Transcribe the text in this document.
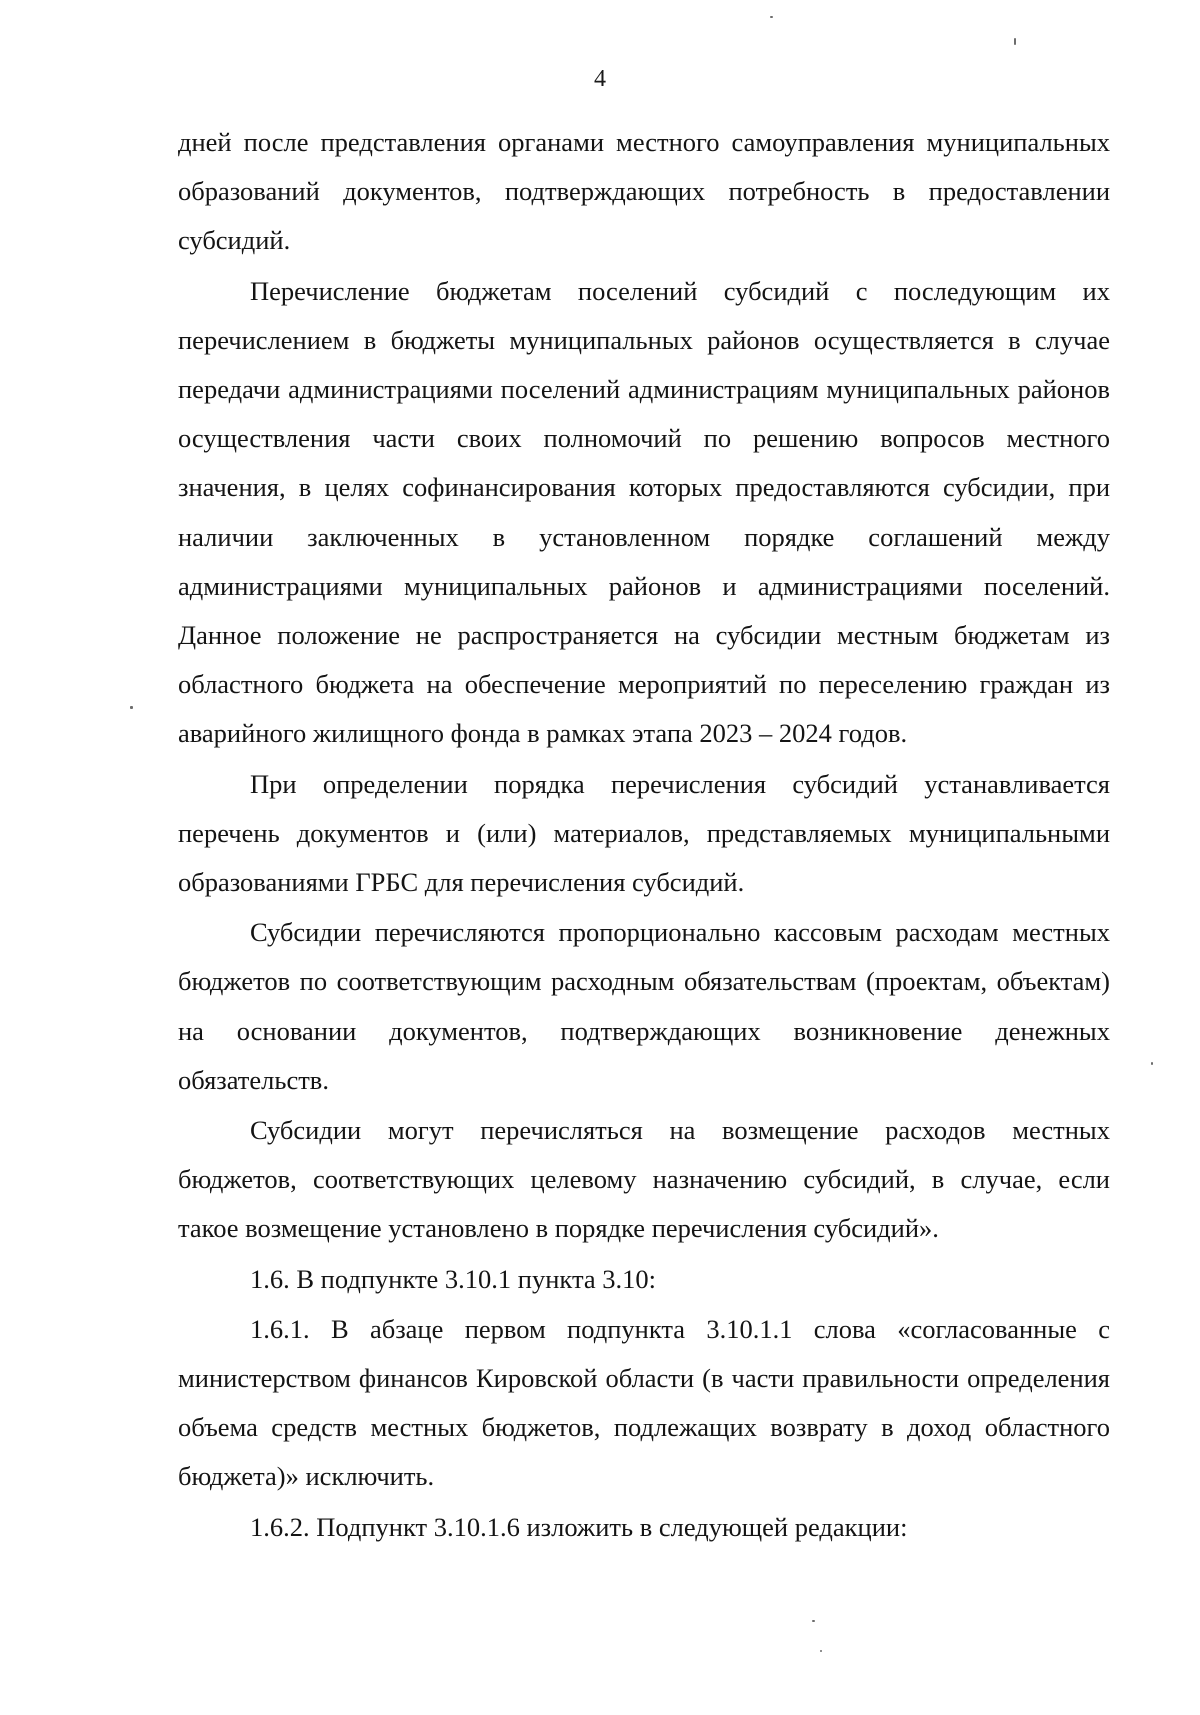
4

дней после представления органами местного самоуправления муниципальных образований документов, подтверждающих потребность в предоставлении субсидий.

Перечисление бюджетам поселений субсидий с последующим их перечислением в бюджеты муниципальных районов осуществляется в случае передачи администрациями поселений администрациям муниципальных районов осуществления части своих полномочий по решению вопросов местного значения, в целях софинансирования которых предоставляются субсидии, при наличии заключенных в установленном порядке соглашений между администрациями муниципальных районов и администрациями поселений. Данное положение не распространяется на субсидии местным бюджетам из областного бюджета на обеспечение мероприятий по переселению граждан из аварийного жилищного фонда в рамках этапа 2023 – 2024 годов.

При определении порядка перечисления субсидий устанавливается перечень документов и (или) материалов, представляемых муниципальными образованиями ГРБС для перечисления субсидий.

Субсидии перечисляются пропорционально кассовым расходам местных бюджетов по соответствующим расходным обязательствам (проектам, объектам) на основании документов, подтверждающих возникновение денежных обязательств.

Субсидии могут перечисляться на возмещение расходов местных бюджетов, соответствующих целевому назначению субсидий, в случае, если такое возмещение установлено в порядке перечисления субсидий».

1.6. В подпункте 3.10.1 пункта 3.10:

1.6.1. В абзаце первом подпункта 3.10.1.1 слова «согласованные с министерством финансов Кировской области (в части правильности определения объема средств местных бюджетов, подлежащих возврату в доход областного бюджета)» исключить.

1.6.2. Подпункт 3.10.1.6 изложить в следующей редакции:
